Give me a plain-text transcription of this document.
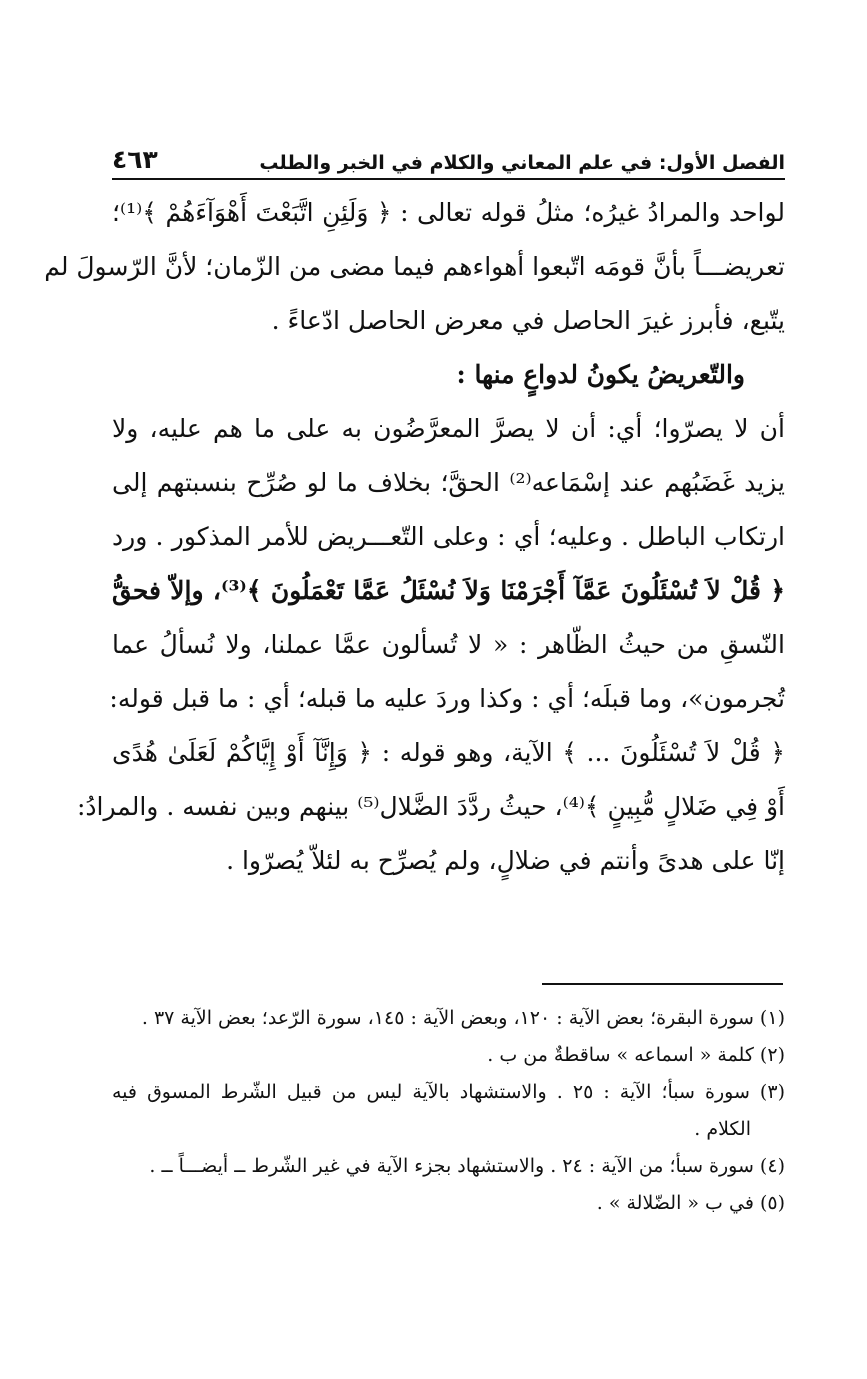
الفصل الأول: في علم المعاني والكلام في الخبر والطلب
٤٦٣
لواحد والمرادُ غيرُه؛ مثلُ قوله تعالى : ﴿ وَلَئِنِ اتَّبَعْتَ أَهْوَآءَهُمْ ﴾⁽¹⁾؛
تعريضـــاً بأنَّ قومَه اتّبعوا أهواءهم فيما مضى من الزّمان؛ لأنَّ الرّسولَ لم
يتّبع، فأبرز غيرَ الحاصل في معرض الحاصل ادّعاءً .
والتّعريضُ يكونُ لدواعٍ منها :
أن لا يصرّوا؛ أي: أن لا يصرَّ المعرَّضُون به على ما هم عليه، ولا
يزيد غَضَبُهم عند إسْمَاعه⁽²⁾ الحقَّ؛ بخلاف ما لو صُرِّح بنسبتهم إلى
ارتكاب الباطل . وعليه؛ أي : وعلى التّعـــريض للأمر المذكور . ورد
﴿ قُلْ لاَ تُسْئَلُونَ عَمَّآ أَجْرَمْنَا وَلاَ نُسْئَلُ عَمَّا تَعْمَلُونَ ﴾⁽³⁾، وإلاّ فحقُّ
النّسقِ من حيثُ الظّاهر : « لا تُسألون عمَّا عملنا، ولا نُسألُ عما
تُجرمون»، وما قبلَه؛ أي : وكذا وردَ عليه ما قبله؛ أي : ما قبل قوله:
﴿ قُلْ لاَ تُسْئَلُونَ ... ﴾ الآية، وهو قوله : ﴿ وَإِنَّآ أَوْ إِيَّاكُمْ لَعَلَىٰ هُدًى
أَوْ فِي ضَلالٍ مُّبِينٍ ﴾⁽⁴⁾، حيثُ ردَّدَ الضَّلال⁽⁵⁾ بينهم وبين نفسه . والمرادُ:
إنّا على هدىً وأنتم في ضلالٍ، ولم يُصرِّح به لئلاّ يُصرّوا .
(١) سورة البقرة؛ بعض الآية : ١٢٠، وبعض الآية : ١٤٥، سورة الرّعد؛ بعض الآية ٣٧ .
(٢) كلمة « اسماعه » ساقطةٌ من ب .
(٣) سورة سبأ؛ الآية : ٢٥ . والاستشهاد بالآية ليس من قبيل الشّرط المسوق فيه
الكلام .
(٤) سورة سبأ؛ من الآية : ٢٤ . والاستشهاد بجزء الآية في غير الشّرط ــ أيضـــاً ــ .
(٥) في ب « الضّلالة » .
